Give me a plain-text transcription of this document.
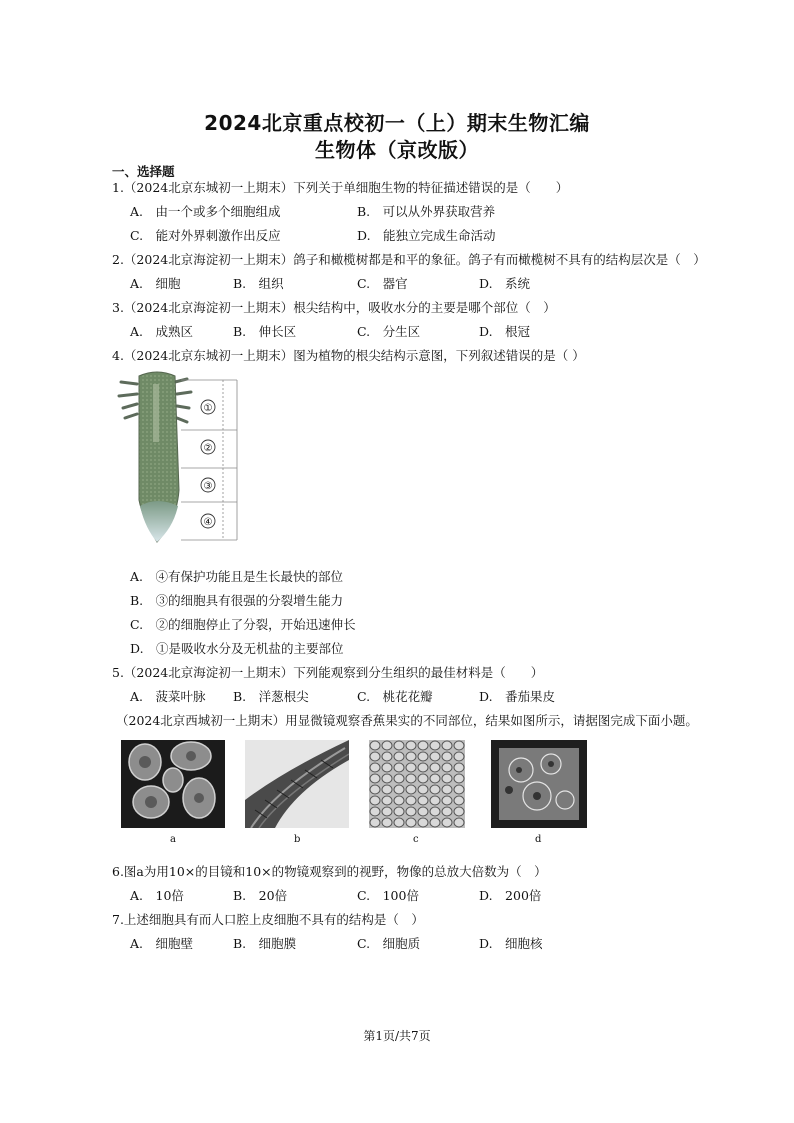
2024北京重点校初一（上）期末生物汇编
生物体（京改版）
一、选择题
1.（2024北京东城初一上期末）下列关于单细胞生物的特征描述错误的是（　　）
A.　由一个或多个细胞组成	B.　可以从外界获取营养
C.　能对外界刺激作出反应	D.　能独立完成生命活动
2.（2024北京海淀初一上期末）鸽子和橄榄树都是和平的象征。鸽子有而橄榄树不具有的结构层次是（　）
A.　细胞	B.　组织	C.　器官	D.　系统
3.（2024北京海淀初一上期末）根尖结构中，吸收水分的主要是哪个部位（　）
A.　成熟区	B.　伸长区	C.　分生区	D.　根冠
4.（2024北京东城初一上期末）图为植物的根尖结构示意图，下列叙述错误的是（ ）
①
②
③
④
A.　④有保护功能且是生长最快的部位
B.　③的细胞具有很强的分裂增生能力
C.　②的细胞停止了分裂，开始迅速伸长
D.　①是吸收水分及无机盐的主要部位
5.（2024北京海淀初一上期末）下列能观察到分生组织的最佳材料是（　　）
A.　菠菜叶脉 B.　洋葱根尖	C.　桃花花瓣	D.　番茄果皮
（2024北京西城初一上期末）用显微镜观察香蕉果实的不同部位，结果如图所示，请据图完成下面小题。
a	b	c	d
6.图a为用10×的目镜和10×的物镜观察到的视野，物像的总放大倍数为（　）
A.　10倍	B.　20倍	C.　100倍	D.　200倍
7.上述细胞具有而人口腔上皮细胞不具有的结构是（　）
A.　细胞壁	B.　细胞膜	C.　细胞质	D.　细胞核
第1页/共7页
